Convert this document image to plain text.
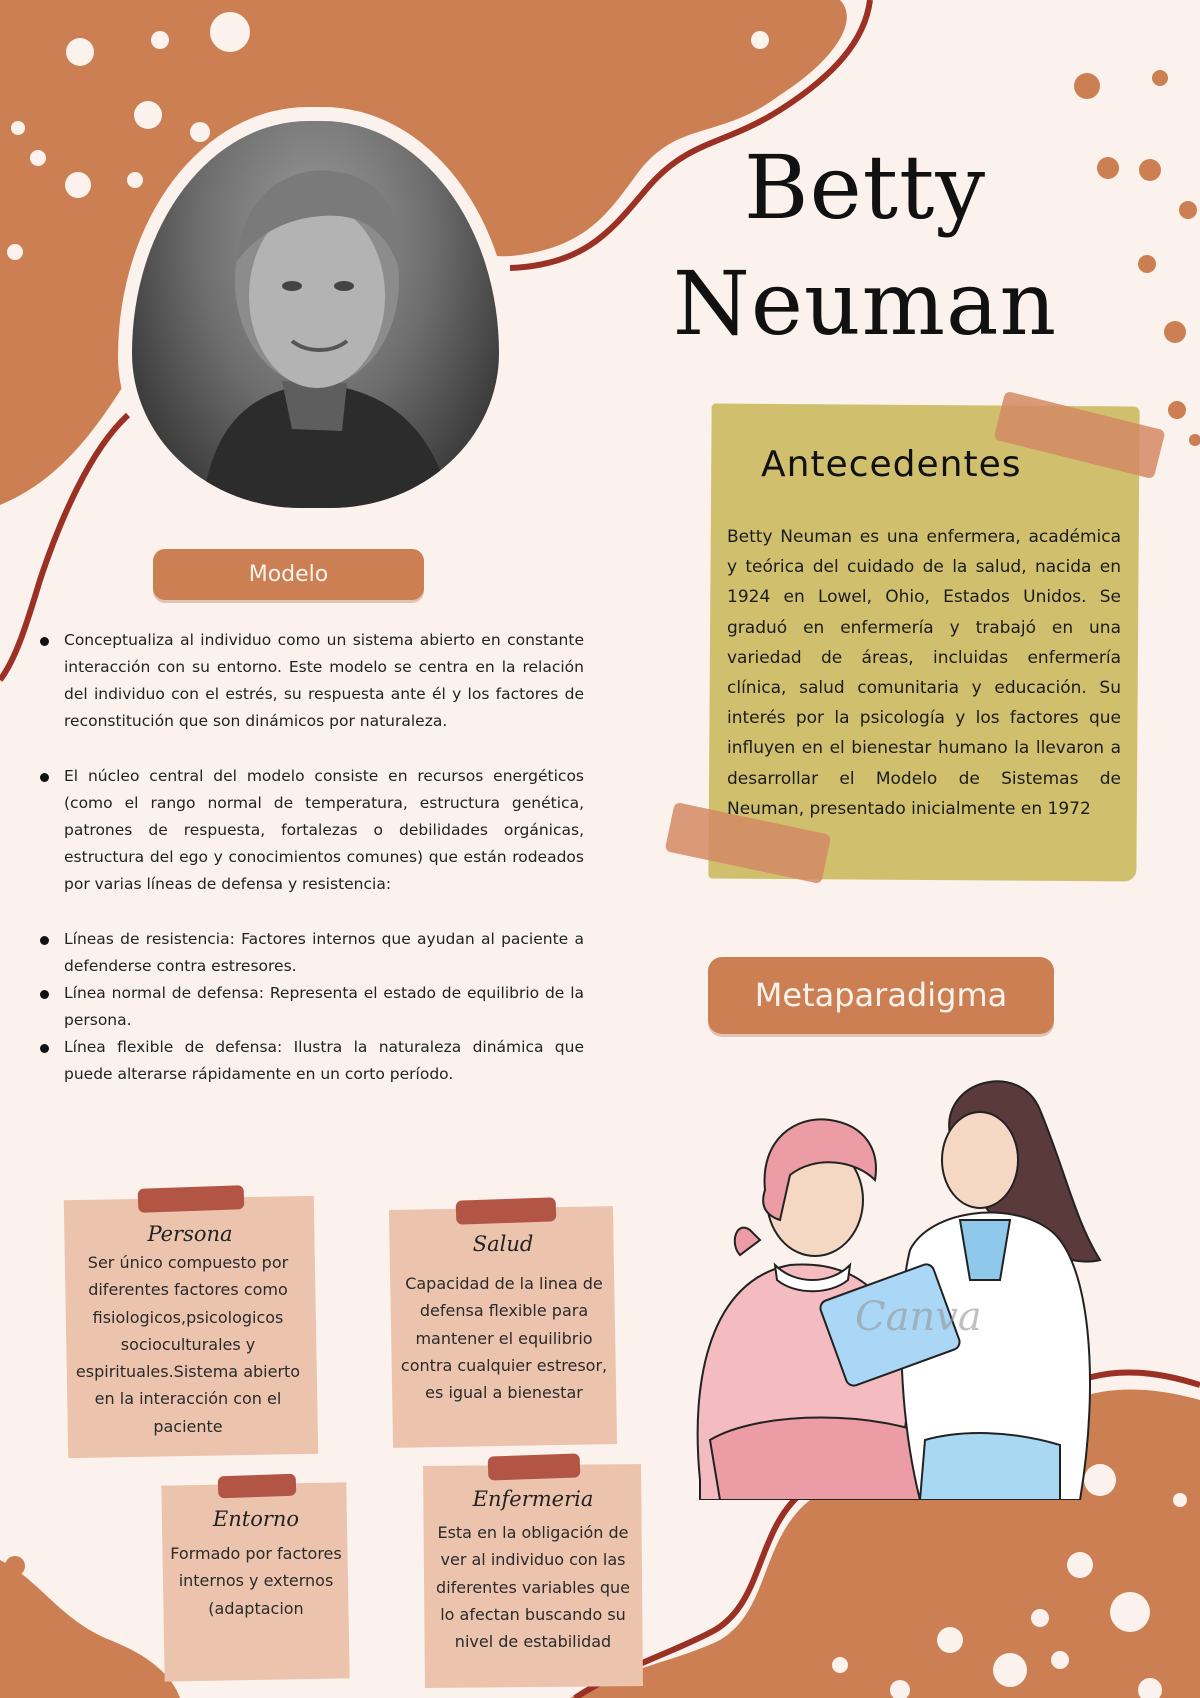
Betty
Neuman
Modelo
Conceptualiza al individuo como un sistema abierto en constante interacción con su entorno. Este modelo se centra en la relación del individuo con el estrés, su respuesta ante él y los factores de reconstitución que son dinámicos por naturaleza.
El núcleo central del modelo consiste en recursos energéticos (como el rango normal de temperatura, estructura genética, patrones de respuesta, fortalezas o debilidades orgánicas, estructura del ego y conocimientos comunes) que están rodeados por varias líneas de defensa y resistencia:
Líneas de resistencia: Factores internos que ayudan al paciente a defenderse contra estresores.
Línea normal de defensa: Representa el estado de equilibrio de la persona.
Línea flexible de defensa: Ilustra la naturaleza dinámica que puede alterarse rápidamente en un corto período.
Antecedentes
Betty Neuman es una enfermera, académica y teórica del cuidado de la salud, nacida en 1924 en Lowel, Ohio, Estados Unidos. Se graduó en enfermería y trabajó en una variedad de áreas, incluidas enfermería clínica, salud comunitaria y educación. Su interés por la psicología y los factores que influyen en el bienestar humano la llevaron a desarrollar el Modelo de Sistemas de Neuman, presentado inicialmente en 1972
Metaparadigma
Persona
Ser único compuesto por diferentes factores como fisiologicos,psicologicos socioculturales y espirituales.Sistema abierto en la interacción con el paciente
Salud
Capacidad de la linea de defensa flexible para mantener el equilibrio contra cualquier estresor, es igual a bienestar
Entorno
Formado por factores internos y externos (adaptacion
Enfermeria
Esta en la obligación de ver al individuo con las diferentes variables que lo afectan buscando su nivel de estabilidad
Canva
